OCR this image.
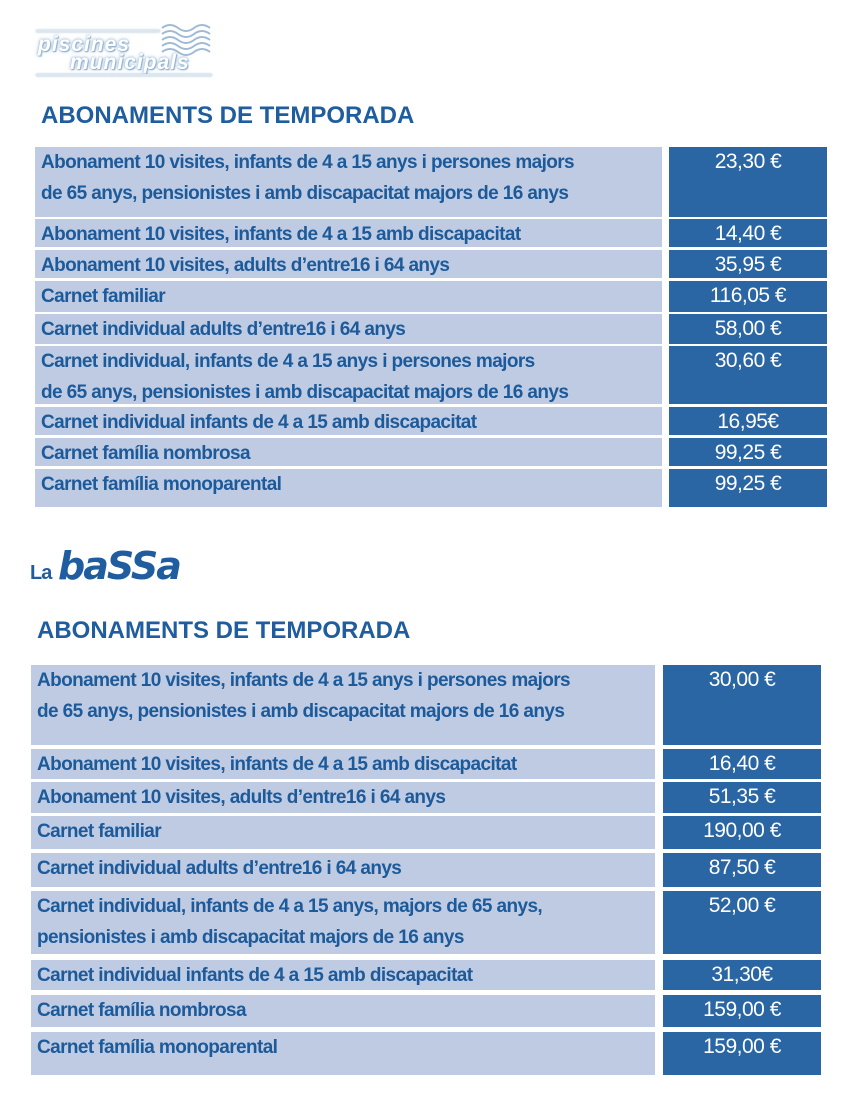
piscines
municipals
ABONAMENTS DE TEMPORADA
Abonament 10 visites, infants de 4 a 15 anys i persones majors
de 65 anys, pensionistes i amb discapacitat majors de 16 anys
23,30 €
Abonament 10 visites, infants de 4 a 15 amb discapacitat	14,40 €
Abonament 10 visites, adults d’entre16 i 64 anys	35,95 €
Carnet familiar	116,05 €
Carnet individual adults d’entre16 i 64 anys	58,00 €
Carnet individual, infants de 4 a 15 anys i persones majors
de 65 anys, pensionistes i amb discapacitat majors de 16 anys
30,60 €
Carnet individual infants de 4 a 15 amb discapacitat	16,95€
Carnet família nombrosa	99,25 €
Carnet família monoparental	99,25 €
La baSSa
ABONAMENTS DE TEMPORADA
Abonament 10 visites, infants de 4 a 15 anys i persones majors
de 65 anys, pensionistes i amb discapacitat majors de 16 anys
30,00 €
Abonament 10 visites, infants de 4 a 15 amb discapacitat	16,40 €
Abonament 10 visites, adults d’entre16 i 64 anys	51,35 €
Carnet familiar	190,00 €
Carnet individual adults d’entre16 i 64 anys	87,50 €
Carnet individual, infants de 4 a 15 anys, majors de 65 anys,
pensionistes i amb discapacitat majors de 16 anys
52,00 €
Carnet individual infants de 4 a 15 amb discapacitat	31,30€
Carnet família nombrosa	159,00 €
Carnet família monoparental	159,00 €
